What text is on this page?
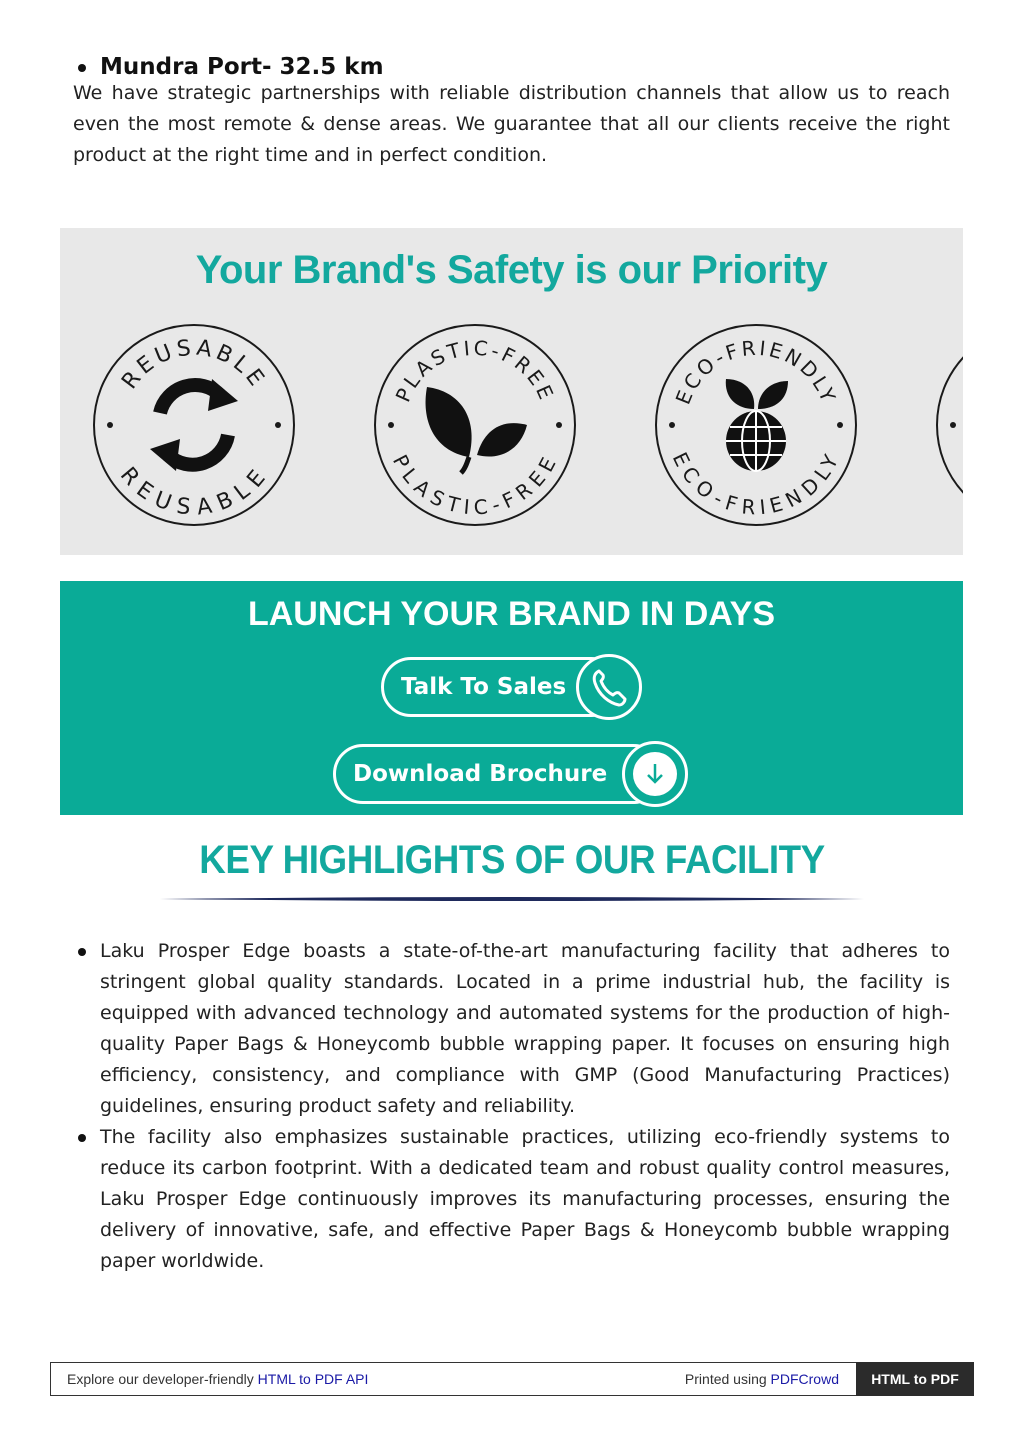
Mundra Port- 32.5 km

We have strategic partnerships with reliable distribution channels that allow us to reach even the most remote & dense areas. We guarantee that all our clients receive the right product at the right time and in perfect condition.

Your Brand's Safety is our Priority
REUSABLE
REUSABLE
PLASTIC-FREE
PLASTIC-FREE
ECO-FRIENDLY
ECO-FRIENDLY
LAUNCH YOUR BRAND IN DAYS
Talk To Sales
Download Brochure
KEY HIGHLIGHTS OF OUR FACILITY
Laku Prosper Edge boasts a state-of-the-art manufacturing facility that adheres to stringent global quality standards. Located in a prime industrial hub, the facility is equipped with advanced technology and automated systems for the production of high-quality Paper Bags & Honeycomb bubble wrapping paper. It focuses on ensuring high efficiency, consistency, and compliance with GMP (Good Manufacturing Practices) guidelines, ensuring product safety and reliability.
The facility also emphasizes sustainable practices, utilizing eco-friendly systems to reduce its carbon footprint. With a dedicated team and robust quality control measures, Laku Prosper Edge continuously improves its manufacturing processes, ensuring the delivery of innovative, safe, and effective Paper Bags & Honeycomb bubble wrapping paper worldwide.
Explore our developer-friendly HTML to PDF API	Printed using PDFCrowd	HTML to PDF
